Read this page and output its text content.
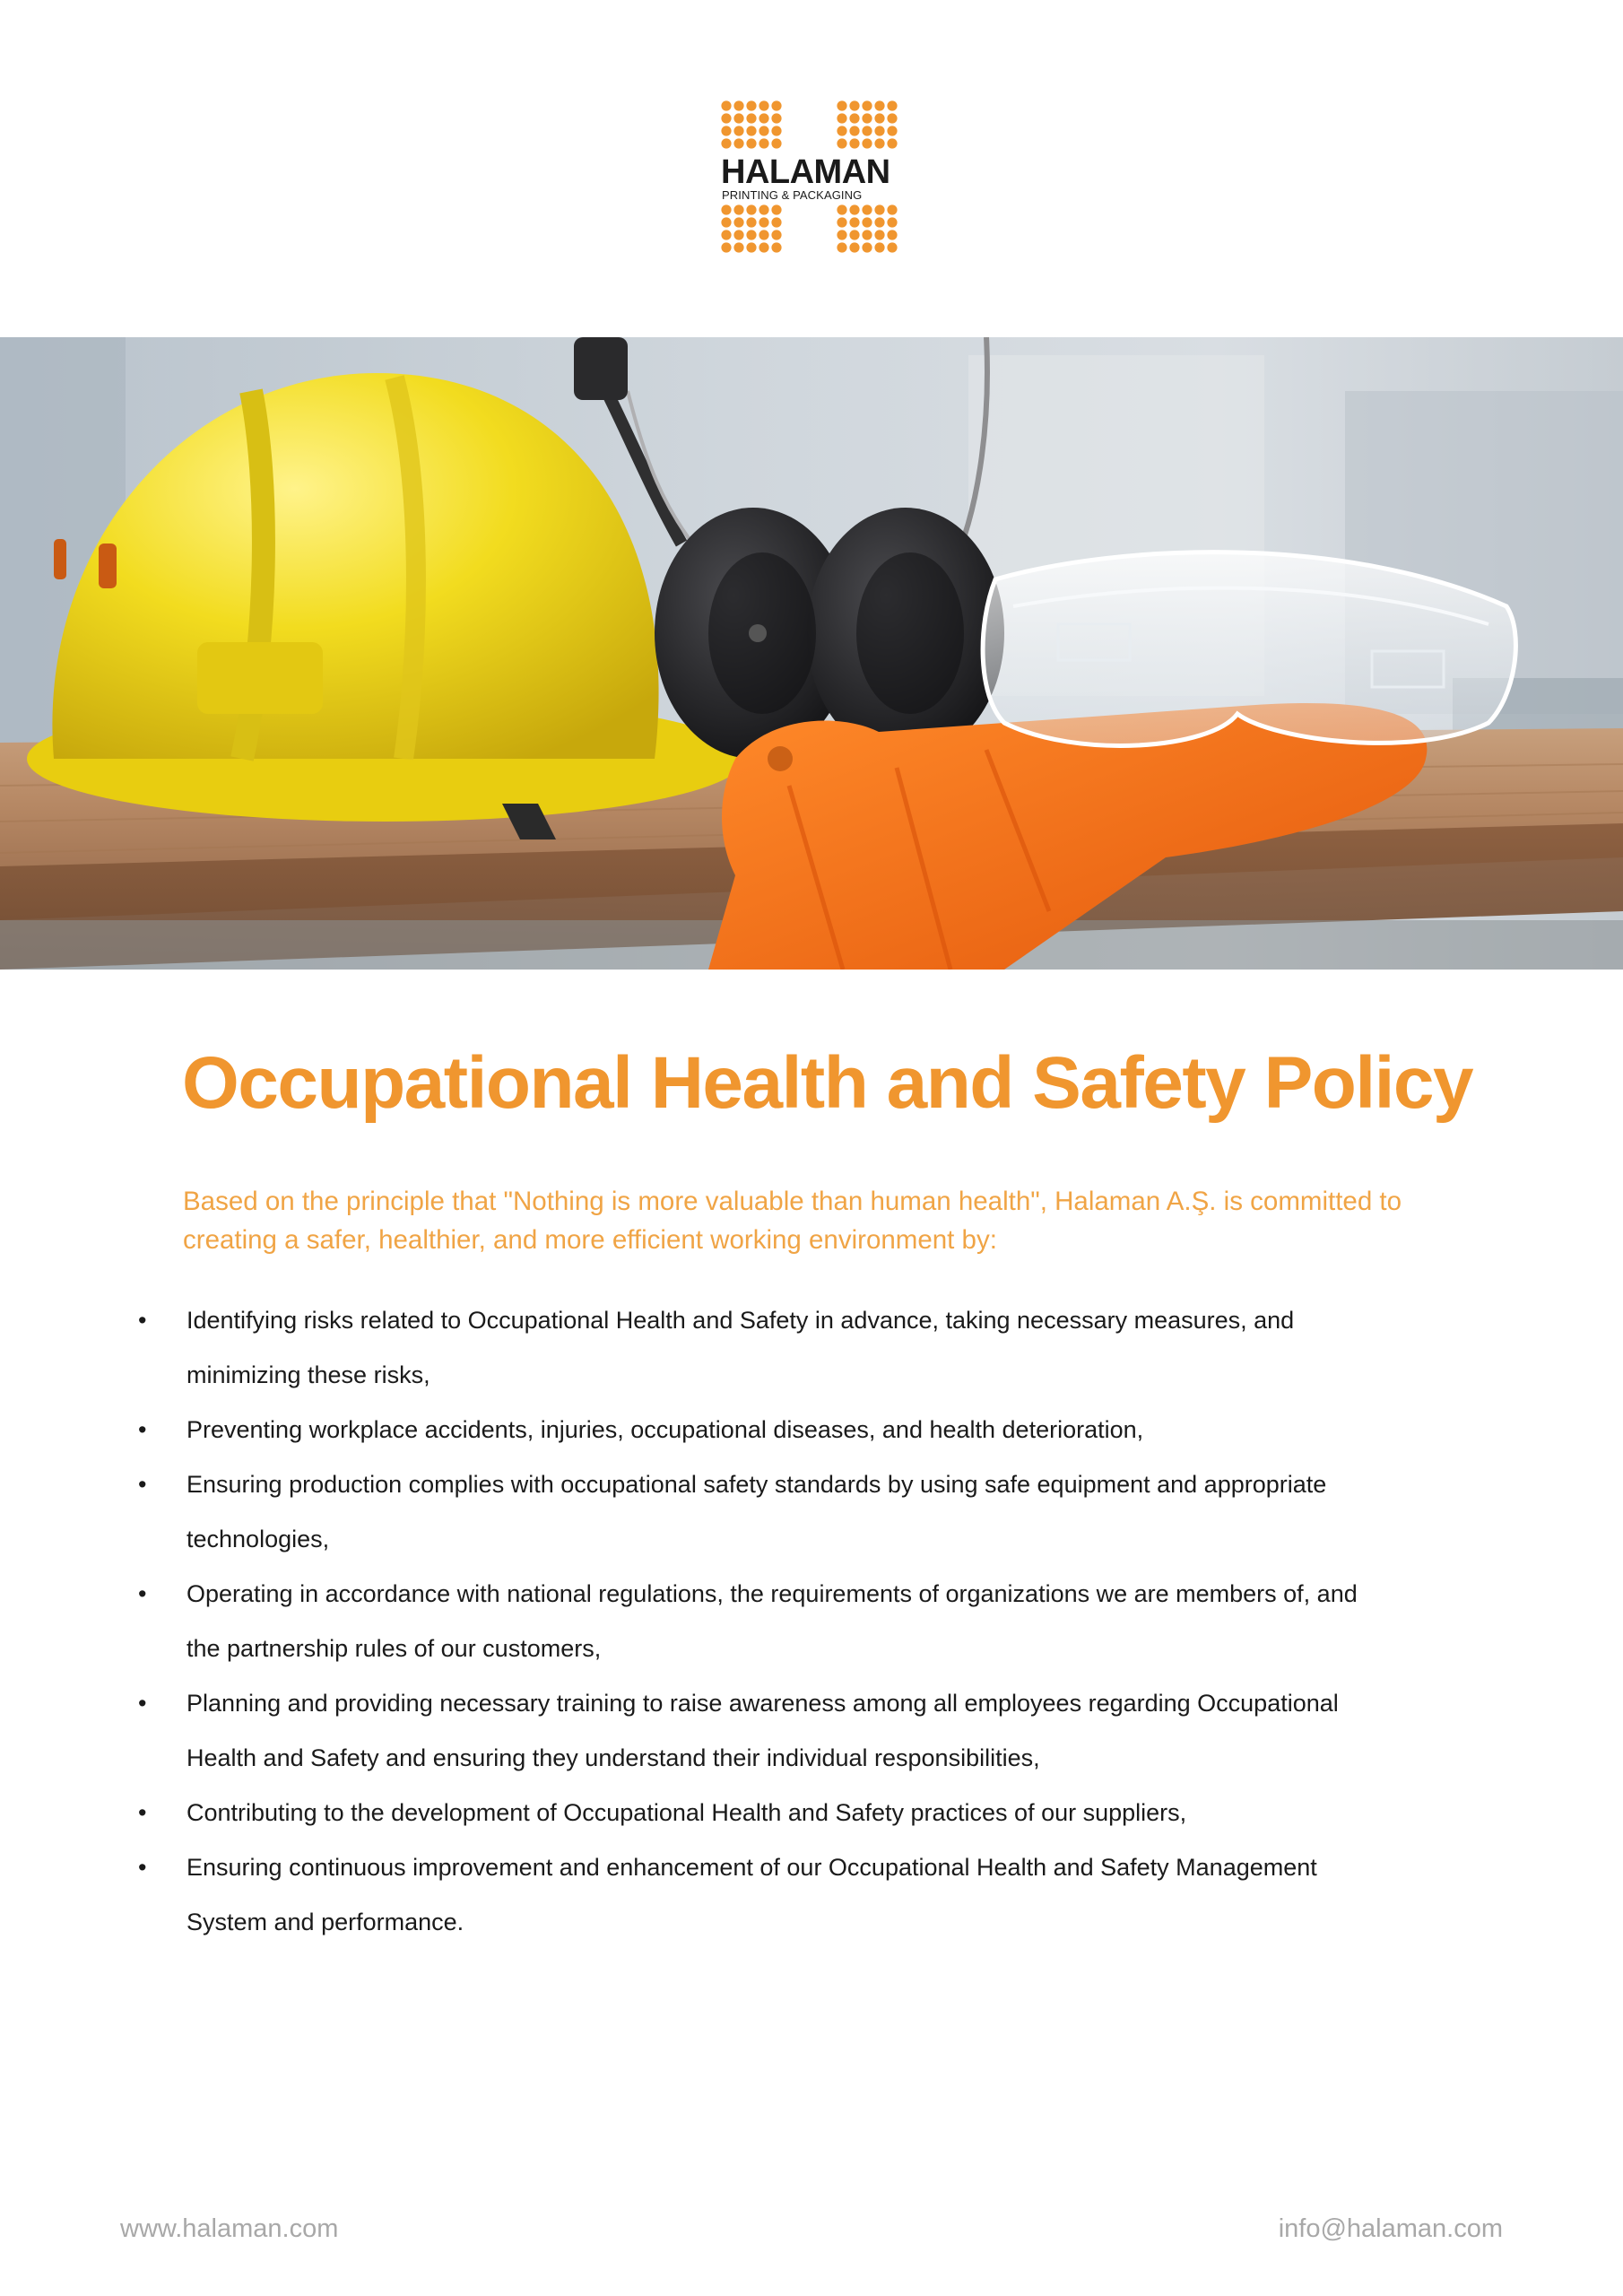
HALAMAN
PRINTING & PACKAGING
Occupational Health and Safety Policy

Based on the principle that "Nothing is more valuable than human health", Halaman A.Ş. is committed to creating a safer, healthier, and more efficient working environment by:

• Identifying risks related to Occupational Health and Safety in advance, taking necessary measures, and
minimizing these risks,
• Preventing workplace accidents, injuries, occupational diseases, and health deterioration,
• Ensuring production complies with occupational safety standards by using safe equipment and appropriate
technologies,
• Operating in accordance with national regulations, the requirements of organizations we are members of, and
the partnership rules of our customers,
• Planning and providing necessary training to raise awareness among all employees regarding Occupational
Health and Safety and ensuring they understand their individual responsibilities,
• Contributing to the development of Occupational Health and Safety practices of our suppliers,
• Ensuring continuous improvement and enhancement of our Occupational Health and Safety Management
System and performance.
www.halaman.com	info@halaman.com
